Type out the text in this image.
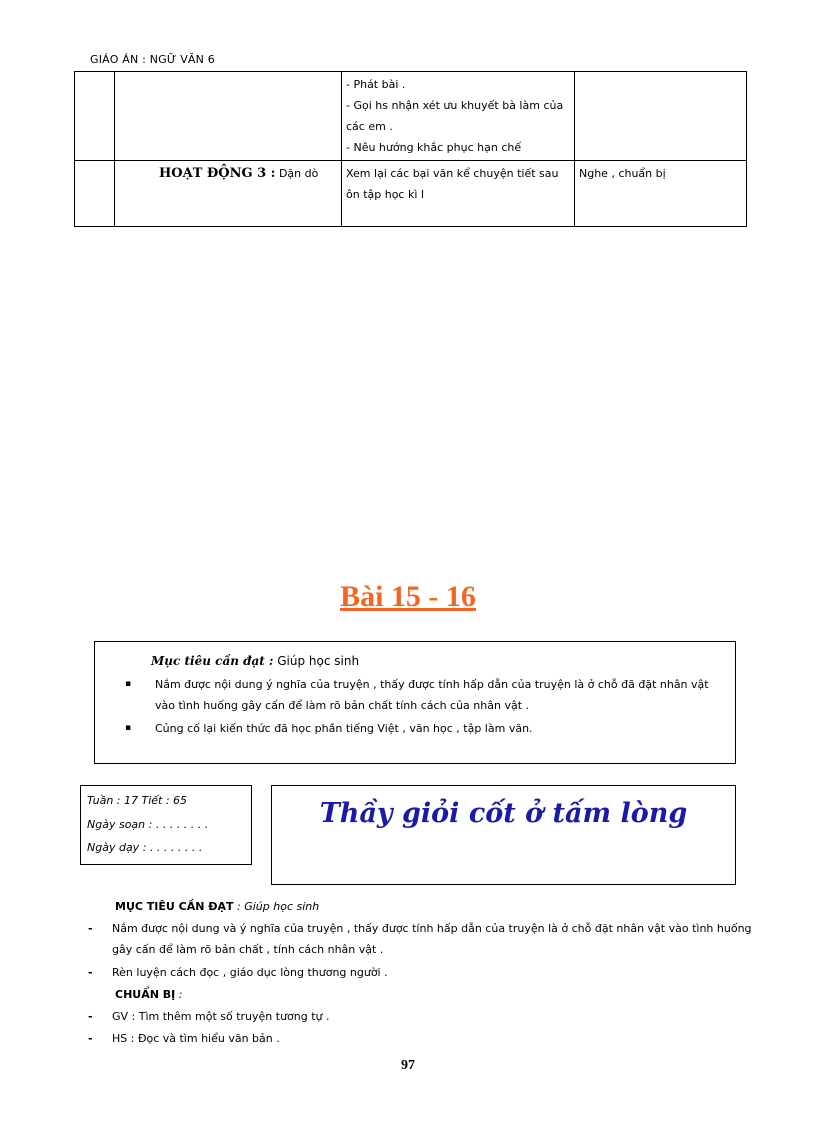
GIÁO ÁN : NGỮ VĂN 6

		- Phát bài .
- Gọi hs nhận xét ưu khuyết bà làm của các em .
- Nêu hướng khắc phục hạn chế	

	HOẠT ĐỘNG 3 : Dặn dò	Xem lại các bại văn kể chuyện tiết sau ôn tập học kì I	Nghe , chuẩn bị
Bài 15 - 16
Mục tiêu cần đạt : Giúp học sinh
▪ Nắm được nội dung ý nghĩa của truyện , thấy được tính hấp dẫn của truyện là ở chỗ đã đặt nhân vật vào tình huống gây cấn để làm rõ bản chất tính cách của nhân vật .
▪ Củng cố lại kiến thức đã học phần tiếng Việt , văn học , tập làm văn.
Tuần : 17 Tiết : 65
Ngày soạn : . . . . . . . .
Ngày dạy : . . . . . . . .
Thầy giỏi cốt ở tấm lòng
MỤC TIÊU CẦN ĐẠT : Giúp học sinh
- Nắm được nội dung và ý nghĩa của truyện , thấy được tính hấp dẫn của truyện là ở chỗ đặt nhân vật vào tình huống gây cấn để làm rõ bản chất , tính cách nhân vật .
- Rèn luyện cách đọc , giáo dục lòng thương người .
CHUẨN BỊ :
- GV : Tìm thêm một số truyện tương tự .
- HS : Đọc và tìm hiểu văn bản .
97
